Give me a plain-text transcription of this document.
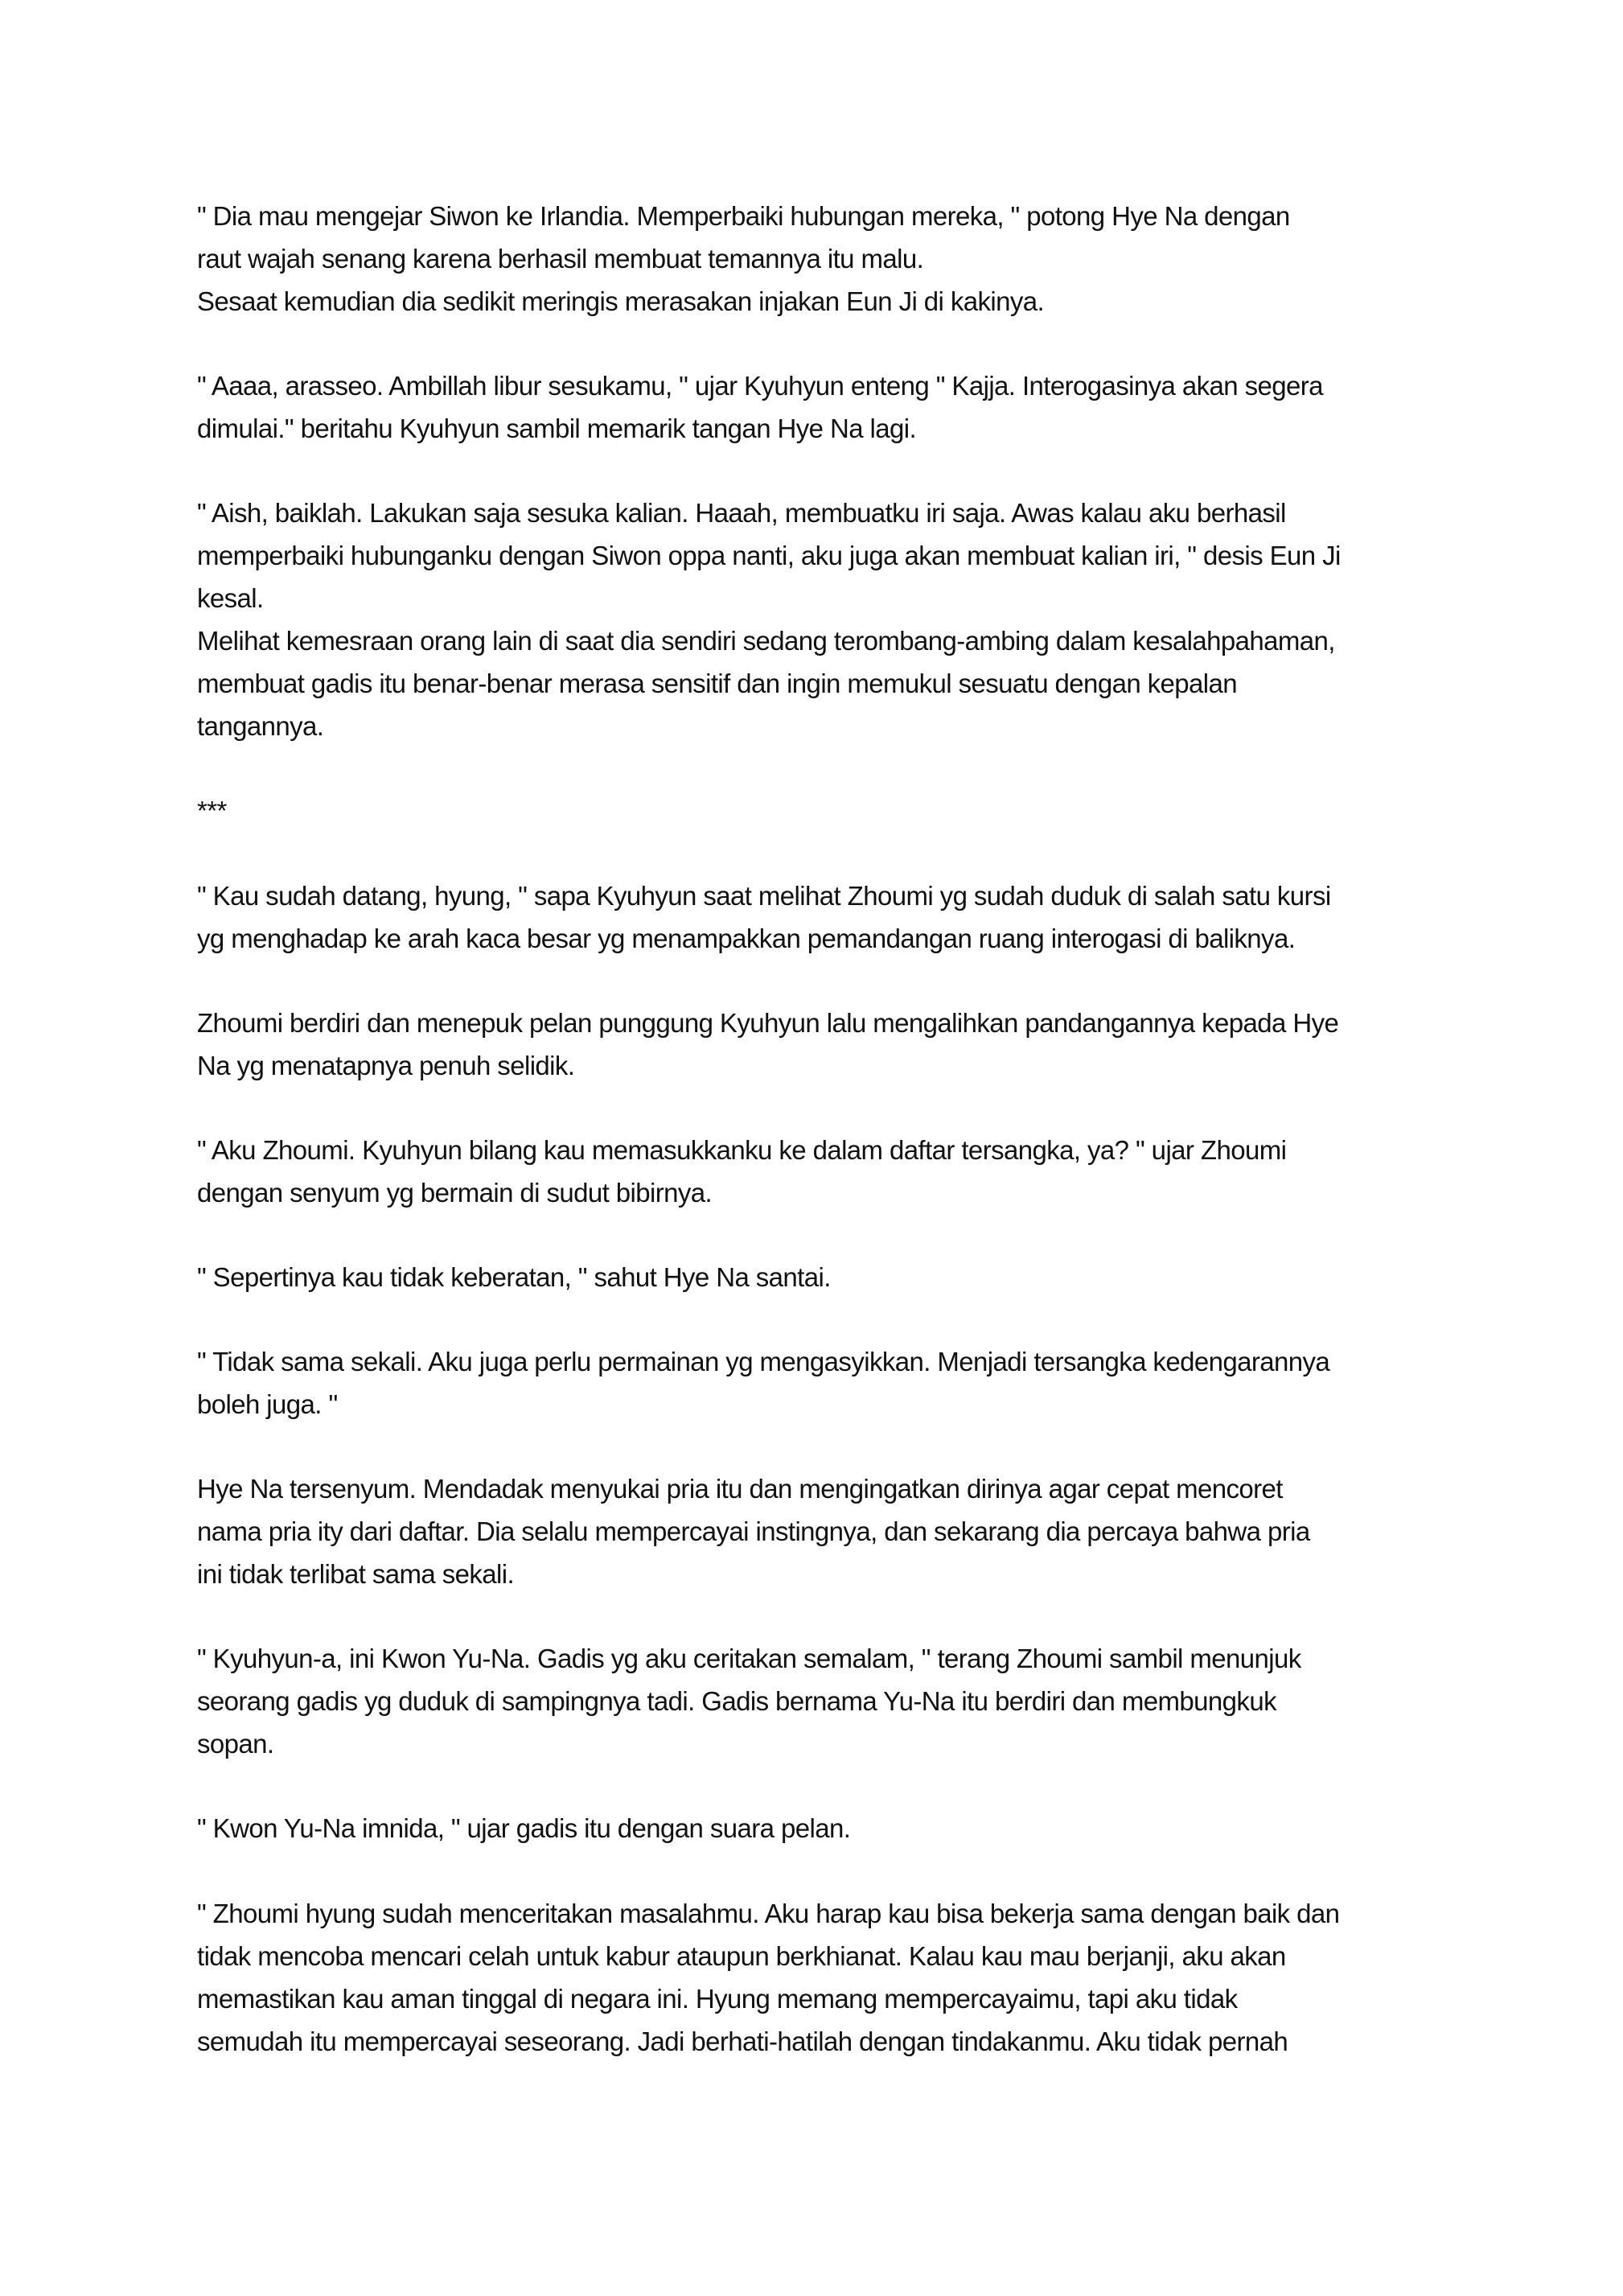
" Dia mau mengejar Siwon ke Irlandia. Memperbaiki hubungan mereka, " potong Hye Na dengan
raut wajah senang karena berhasil membuat temannya itu malu.
Sesaat kemudian dia sedikit meringis merasakan injakan Eun Ji di kakinya.
" Aaaa, arasseo. Ambillah libur sesukamu, " ujar Kyuhyun enteng " Kajja. Interogasinya akan segera
dimulai." beritahu Kyuhyun sambil memarik tangan Hye Na lagi.
" Aish, baiklah. Lakukan saja sesuka kalian. Haaah, membuatku iri saja. Awas kalau aku berhasil
memperbaiki hubunganku dengan Siwon oppa nanti, aku juga akan membuat kalian iri, " desis Eun Ji
kesal.
Melihat kemesraan orang lain di saat dia sendiri sedang terombang-ambing dalam kesalahpahaman,
membuat gadis itu benar-benar merasa sensitif dan ingin memukul sesuatu dengan kepalan
tangannya.
***
" Kau sudah datang, hyung, " sapa Kyuhyun saat melihat Zhoumi yg sudah duduk di salah satu kursi
yg menghadap ke arah kaca besar yg menampakkan pemandangan ruang interogasi di baliknya.
Zhoumi berdiri dan menepuk pelan punggung Kyuhyun lalu mengalihkan pandangannya kepada Hye
Na yg menatapnya penuh selidik.
" Aku Zhoumi. Kyuhyun bilang kau memasukkanku ke dalam daftar tersangka, ya? " ujar Zhoumi
dengan senyum yg bermain di sudut bibirnya.
" Sepertinya kau tidak keberatan, " sahut Hye Na santai.
" Tidak sama sekali. Aku juga perlu permainan yg mengasyikkan. Menjadi tersangka kedengarannya
boleh juga. "
Hye Na tersenyum. Mendadak menyukai pria itu dan mengingatkan dirinya agar cepat mencoret
nama pria ity dari daftar. Dia selalu mempercayai instingnya, dan sekarang dia percaya bahwa pria
ini tidak terlibat sama sekali.
" Kyuhyun-a, ini Kwon Yu-Na. Gadis yg aku ceritakan semalam, " terang Zhoumi sambil menunjuk
seorang gadis yg duduk di sampingnya tadi. Gadis bernama Yu-Na itu berdiri dan membungkuk
sopan.
" Kwon Yu-Na imnida, " ujar gadis itu dengan suara pelan.
" Zhoumi hyung sudah menceritakan masalahmu. Aku harap kau bisa bekerja sama dengan baik dan
tidak mencoba mencari celah untuk kabur ataupun berkhianat. Kalau kau mau berjanji, aku akan
memastikan kau aman tinggal di negara ini. Hyung memang mempercayaimu, tapi aku tidak
semudah itu mempercayai seseorang. Jadi berhati-hatilah dengan tindakanmu. Aku tidak pernah
